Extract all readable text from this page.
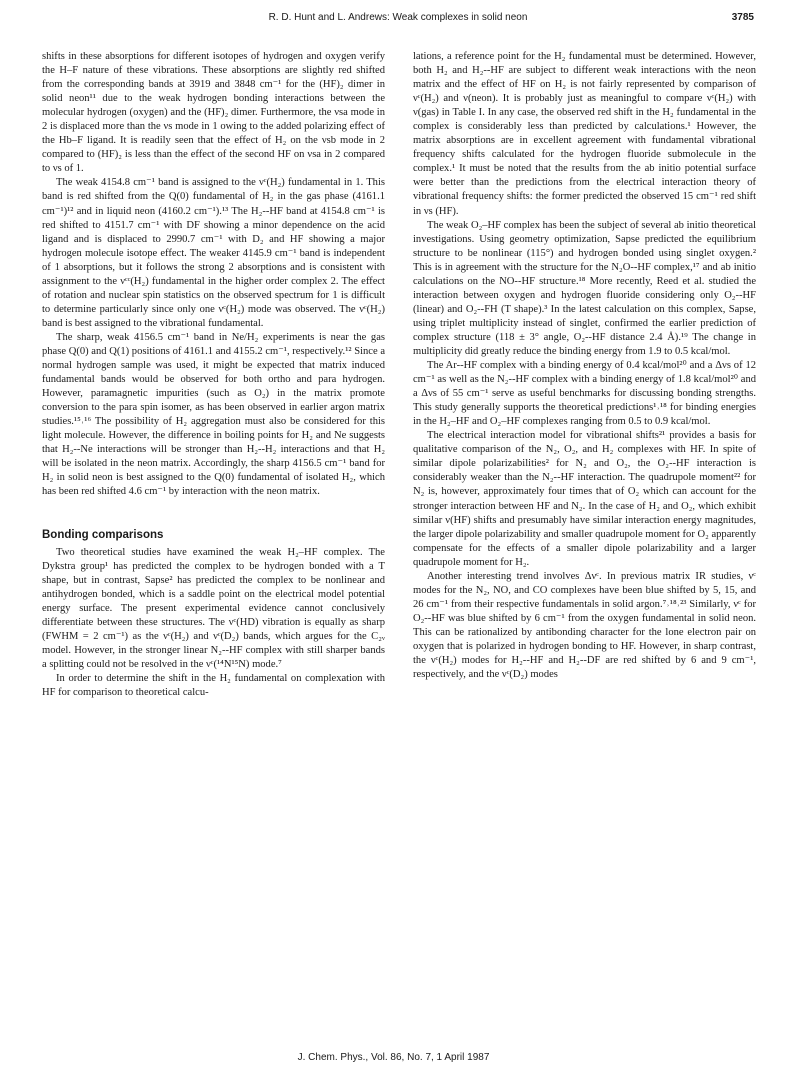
R. D. Hunt and L. Andrews: Weak complexes in solid neon	3785

shifts in these absorptions for different isotopes of hydrogen and oxygen verify the H–F nature of these vibrations. These absorptions are slightly red shifted from the corresponding bands at 3919 and 3848 cm⁻¹ for the (HF)₂ dimer in solid neon¹¹ due to the weak hydrogen bonding interactions between the molecular hydrogen (oxygen) and the (HF)₂ dimer. Furthermore, the νsa mode in 2 is displaced more than the νs mode in 1 owing to the added polarizing effect of the Hb–F ligand. It is readily seen that the effect of H₂ on the νsb mode in 2 compared to (HF)₂ is less than the effect of the second HF on νsa in 2 compared to νs of 1.

The weak 4154.8 cm⁻¹ band is assigned to the νᶜ(H₂) fundamental in 1. This band is red shifted from the Q(0) fundamental of H₂ in the gas phase (4161.1 cm⁻¹)¹² and in liquid neon (4160.2 cm⁻¹).¹³ The H₂--HF band at 4154.8 cm⁻¹ is red shifted to 4151.7 cm⁻¹ with DF showing a minor dependence on the acid ligand and is displaced to 2990.7 cm⁻¹ with D₂ and HF showing a major hydrogen molecule isotope effect. The weaker 4145.9 cm⁻¹ band is independent of 1 absorptions, but it follows the strong 2 absorptions and is consistent with assignment to the νᶜᶜ(H₂) fundamental in the higher order complex 2. The effect of rotation and nuclear spin statistics on the observed spectrum for 1 is difficult to determine particularly since only one νᶜ(H₂) mode was observed. The νᶜ(H₂) band is best assigned to the vibrational fundamental.

The sharp, weak 4156.5 cm⁻¹ band in Ne/H₂ experiments is near the gas phase Q(0) and Q(1) positions of 4161.1 and 4155.2 cm⁻¹, respectively.¹² Since a normal hydrogen sample was used, it might be expected that matrix induced fundamental bands would be observed for both ortho and para hydrogen. However, paramagnetic impurities (such as O₂) in the matrix promote conversion to the para spin isomer, as has been observed in earlier argon matrix studies.¹⁵˒¹⁶ The possibility of H₂ aggregation must also be considered for this light molecule. However, the difference in boiling points for H₂ and Ne suggests that H₂--Ne interactions will be stronger than H₂--H₂ interactions and that H₂ will be isolated in the neon matrix. Accordingly, the sharp 4156.5 cm⁻¹ band for H₂ in solid neon is best assigned to the Q(0) fundamental of isolated H₂, which has been red shifted 4.6 cm⁻¹ by interaction with the neon matrix.

Bonding comparisons

Two theoretical studies have examined the weak H₂–HF complex. The Dykstra group¹ has predicted the complex to be hydrogen bonded with a T shape, but in contrast, Sapse² has predicted the complex to be nonlinear and antihydrogen bonded, which is a saddle point on the electrical model potential energy surface. The present experimental evidence cannot conclusively differentiate between these structures. The νᶜ(HD) vibration is equally as sharp (FWHM = 2 cm⁻¹) as the νᶜ(H₂) and νᶜ(D₂) bands, which argues for the C₂ᵥ model. However, in the stronger linear N₂--HF complex with still sharper bands a splitting could not be resolved in the νᶜ(¹⁴N¹⁵N) mode.⁷

In order to determine the shift in the H₂ fundamental on complexation with HF for comparison to theoretical calcu-

lations, a reference point for the H₂ fundamental must be determined. However, both H₂ and H₂--HF are subject to different weak interactions with the neon matrix and the effect of HF on H₂ is not fairly represented by comparison of νᶜ(H₂) and ν(neon). It is probably just as meaningful to compare νᶜ(H₂) with ν(gas) in Table I. In any case, the observed red shift in the H₂ fundamental in the complex is considerably less than predicted by calculations.¹ However, the matrix absorptions are in excellent agreement with fundamental vibrational frequency shifts calculated for the hydrogen fluoride submolecule in the complex.¹ It must be noted that the results from the ab initio potential surface were better than the predictions from the electrical interaction theory of vibrational frequency shifts: the former predicted the observed 15 cm⁻¹ red shift in νs (HF).

The weak O₂–HF complex has been the subject of several ab initio theoretical investigations. Using geometry optimization, Sapse predicted the equilibrium structure to be nonlinear (115°) and hydrogen bonded using singlet oxygen.² This is in agreement with the structure for the N₂O--HF complex,¹⁷ and ab initio calculations on the NO--HF structure.¹⁸ More recently, Reed et al. studied the interaction between oxygen and hydrogen fluoride considering only O₂--HF (linear) and O₂--FH (T shape).³ In the latest calculation on this complex, Sapse, using triplet multiplicity instead of singlet, confirmed the earlier prediction of complex structure (118 ± 3° angle, O₂--HF distance 2.4 Å).¹⁹ The change in multiplicity did greatly reduce the binding energy from 1.9 to 0.5 kcal/mol.

The Ar--HF complex with a binding energy of 0.4 kcal/mol²⁰ and a Δνs of 12 cm⁻¹ as well as the N₂--HF complex with a binding energy of 1.8 kcal/mol²⁰ and a Δνs of 55 cm⁻¹ serve as useful benchmarks for discussing bonding strengths. This study generally supports the theoretical predictions¹˒¹⁸ for binding energies in the H₂–HF and O₂–HF complexes ranging from 0.5 to 0.9 kcal/mol.

The electrical interaction model for vibrational shifts²¹ provides a basis for qualitative comparison of the N₂, O₂, and H₂ complexes with HF. In spite of similar dipole polarizabilities² for N₂ and O₂, the O₂--HF interaction is considerably weaker than the N₂--HF interaction. The quadrupole moment²² for N₂ is, however, approximately four times that of O₂ which can account for the stronger interaction between HF and N₂. In the case of H₂ and O₂, which exhibit similar ν(HF) shifts and presumably have similar interaction energy magnitudes, the larger dipole polarizability and smaller quadrupole moment for O₂ apparently compensate for the effects of a smaller dipole polarizability and a larger quadrupole moment for H₂.

Another interesting trend involves Δνᶜ. In previous matrix IR studies, νᶜ modes for the N₂, NO, and CO complexes have been blue shifted by 5, 15, and 26 cm⁻¹ from their respective fundamentals in solid argon.⁷˒¹⁸˒²³ Similarly, νᶜ for O₂--HF was blue shifted by 6 cm⁻¹ from the oxygen fundamental in solid neon. This can be rationalized by antibonding character for the lone electron pair on oxygen that is polarized in hydrogen bonding to HF. However, in sharp contrast, the νᶜ(H₂) modes for H₂--HF and H₂--DF are red shifted by 6 and 9 cm⁻¹, respectively, and the νᶜ(D₂) modes

J. Chem. Phys., Vol. 86, No. 7, 1 April 1987
